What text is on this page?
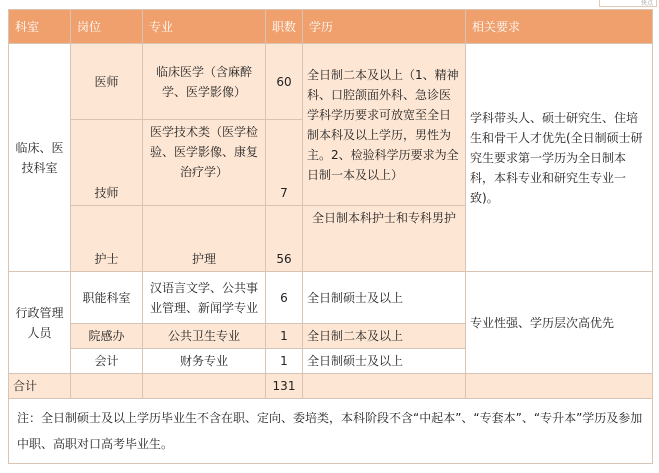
快点
科室	岗位	专业	职数	学历	相关要求
临床、医技科室	医师	临床医学（含麻醉学、医学影像）	60	全日制二本及以上（1、精神科、口腔颌面外科、急诊医学科学历要求可放宽至全日制本科及以上学历，男性为主。2、检验科学历要求为全日制一本及以上）	学科带头人、硕士研究生、住培生和骨干人才优先(全日制硕士研究生要求第一学历为全日制本科，本科专业和研究生专业一致)。
	技师	医学技术类（医学检验、医学影像、康复治疗学）	7		
	护士	护理	56	全日制本科护士和专科男护	
行政管理人员	职能科室	汉语言文学、公共事业管理、新闻学专业	6	全日制硕士及以上	专业性强、学历层次高优先
	院感办	公共卫生专业	1	全日制二本及以上	
	会计	财务专业	1	全日制硕士及以上	
合计			131		
注：全日制硕士及以上学历毕业生不含在职、定向、委培类，本科阶段不含“中起本”、“专套本”、“专升本”学历及参加中职、高职对口高考毕业生。					
